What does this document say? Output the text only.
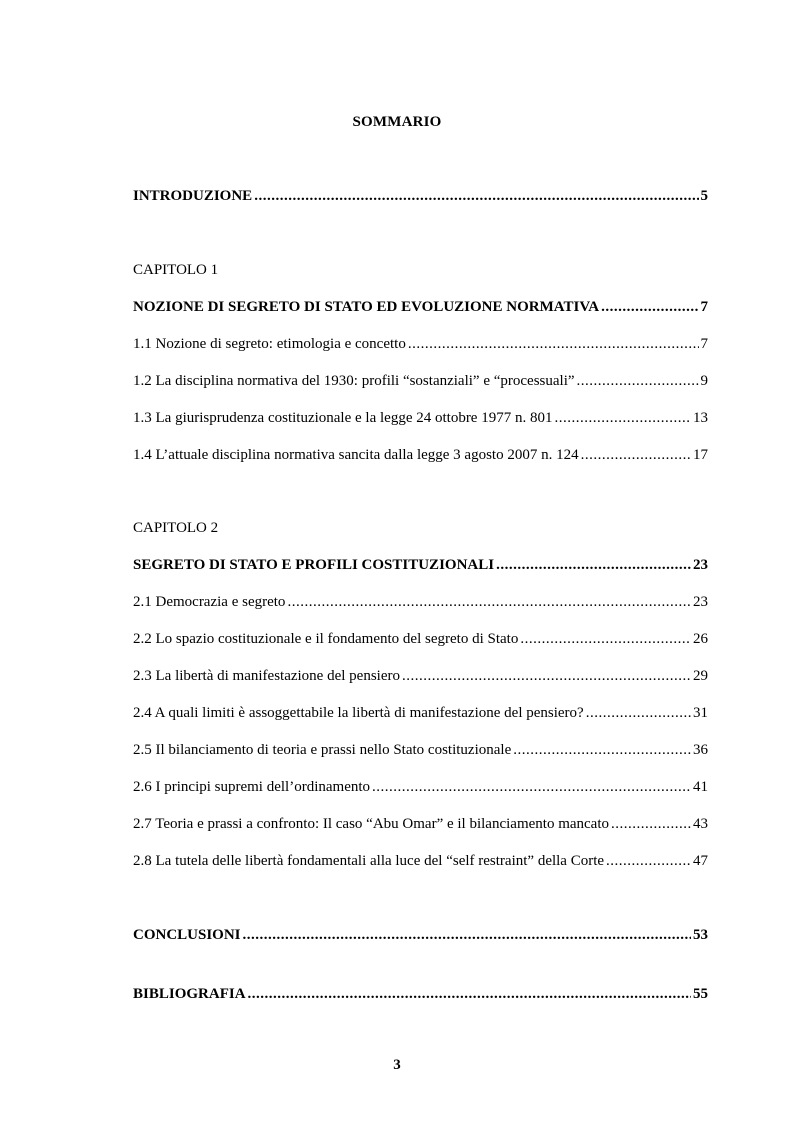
SOMMARIO
INTRODUZIONE .....	5
CAPITOLO 1
NOZIONE DI SEGRETO DI STATO ED EVOLUZIONE NORMATIVA .....	7
1.1 Nozione di segreto: etimologia e concetto .....	7
1.2 La disciplina normativa del 1930: profili “sostanziali” e “processuali” .....	9
1.3 La giurisprudenza costituzionale e la legge 24 ottobre 1977 n. 801 .....	13
1.4 L’attuale disciplina normativa sancita dalla legge 3 agosto 2007 n. 124 .....	17
CAPITOLO 2
SEGRETO DI STATO E PROFILI COSTITUZIONALI .....	23
2.1 Democrazia e segreto .....	23
2.2 Lo spazio costituzionale e il fondamento del segreto di Stato .....	26
2.3 La libertà di manifestazione del pensiero .....	29
2.4 A quali limiti è assoggettabile la libertà di manifestazione del pensiero? .....	31
2.5 Il bilanciamento di teoria e prassi nello Stato costituzionale .....	36
2.6 I principi supremi dell’ordinamento .....	41
2.7 Teoria e prassi a confronto: Il caso “Abu Omar” e il bilanciamento mancato .....	43
2.8 La tutela delle libertà fondamentali alla luce del “self restraint” della Corte .....	47
CONCLUSIONI .....	53
BIBLIOGRAFIA .....	55
3
